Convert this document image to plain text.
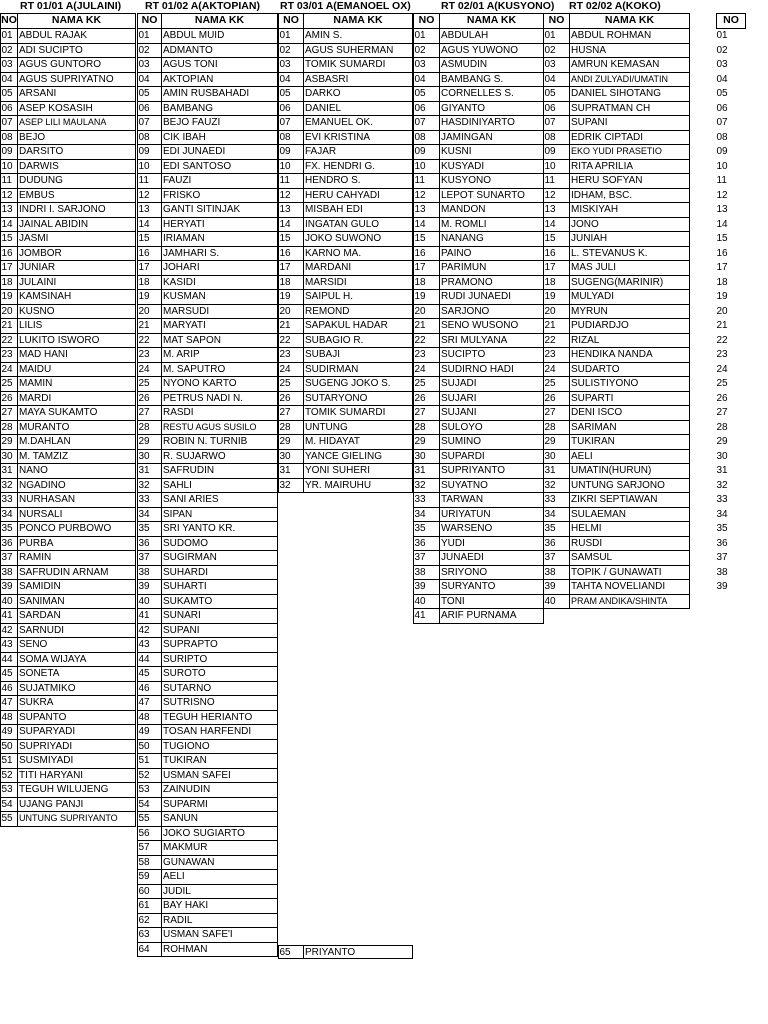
RT 01/01 A(JULAINI)
NO	NAMA KK
01 ABDUL RAJAK
02 ADI SUCIPTO
03 AGUS GUNTORO
04 AGUS SUPRIYATNO
05 ARSANI
06 ASEP KOSASIH
07 ASEP LILI MAULANA
08 BEJO
09 DARSITO
10 DARWIS
11 DUDUNG
12 EMBUS
13 INDRI I. SARJONO
14 JAINAL ABIDIN
15 JASMI
16 JOMBOR
17 JUNIAR
18 JULAINI
19 KAMSINAH
20 KUSNO
21 LILIS
22 LUKITO ISWORO
23 MAD HANI
24 MAIDU
25 MAMIN
26 MARDI
27 MAYA SUKAMTO
28 MURANTO
29 M.DAHLAN
30 M. TAMZIZ
31 NANO
32 NGADINO
33 NURHASAN
34 NURSALI
35 PONCO PURBOWO
36 PURBA
37 RAMIN
38 SAFRUDIN ARNAM
39 SAMIDIN
40 SANIMAN
41 SARDAN
42 SARNUDI
43 SENO
44 SOMA WIJAYA
45 SONETA
46 SUJATMIKO
47 SUKRA
48 SUPANTO
49 SUPARYADI
50 SUPRIYADI
51 SUSMIYADI
52 TITI HARYANI
53 TEGUH WILUJENG
54 UJANG PANJI
55 UNTUNG SUPRIYANTO
RT 01/02 A(AKTOPIAN)
NO	NAMA KK
01	ABDUL MUID
02	ADMANTO
03	AGUS TONI
04	AKTOPIAN
05	AMIN RUSBAHADI
06	BAMBANG
07	BEJO FAUZI
08	CIK IBAH
09	EDI JUNAEDI
10	EDI SANTOSO
11	FAUZI
12	FRISKO
13	GANTI SITINJAK
14	HERYATI
15	IRIAMAN
16	JAMHARI S.
17	JOHARI
18	KASIDI
19	KUSMAN
20	MARSUDI
21	MARYATI
22	MAT SAPON
23	M. ARIP
24	M. SAPUTRO
25	NYONO KARTO
26	PETRUS NADI N.
27	RASDI
28	RESTU AGUS SUSILO
29	ROBIN N. TURNIB
30	R. SUJARWO
31	SAFRUDIN
32	SAHLI
33	SANI ARIES
34	SIPAN
35	SRI YANTO KR.
36	SUDOMO
37	SUGIRMAN
38	SUHARDI
39	SUHARTI
40	SUKAMTO
41	SUNARI
42	SUPANI
43	SUPRAPTO
44	SURIPTO
45	SUROTO
46	SUTARNO
47	SUTRISNO
48	TEGUH HERIANTO
49	TOSAN HARFENDI
50	TUGIONO
51	TUKIRAN
52	USMAN SAFEI
53	ZAINUDIN
54	SUPARMI
55	SANUN
56	JOKO SUGIARTO
57	MAKMUR
58	GUNAWAN
59	AELI
60	JUDIL
61	BAY HAKI
62	RADIL
63	USMAN SAFE'I
64	ROHMAN
RT 03/01 A(EMANOEL OX)
NO	NAMA KK
01	AMIN S.
02	AGUS SUHERMAN
03	TOMIK SUMARDI
04	ASBASRI
05	DARKO
06	DANIEL
07	EMANUEL OK.
08	EVI KRISTINA
09	FAJAR
10	FX. HENDRI G.
11	HENDRO S.
12	HERU CAHYADI
13	MISBAH EDI
14	INGATAN GULO
15	JOKO SUWONO
16	KARNO MA.
17	MARDANI
18	MARSIDI
19	SAIPUL H.
20	REMOND
21	SAPAKUL HADAR
22	SUBAGIO R.
23	SUBAJI
24	SUDIRMAN
25	SUGENG JOKO S.
26	SUTARYONO
27	TOMIK SUMARDI
28	UNTUNG
29	M. HIDAYAT
30	YANCE GIELING
31	YONI SUHERI
32	YR. MAIRUHU
65	PRIYANTO
RT 02/01 A(KUSYONO)
NO	NAMA KK
01	ABDULAH
02	AGUS YUWONO
03	ASMUDIN
04	BAMBANG S.
05	CORNELLES S.
06	GIYANTO
07	HASDINIYARTO
08	JAMINGAN
09	KUSNI
10	KUSYADI
11	KUSYONO
12	LEPOT SUNARTO
13	MANDON
14	M. ROMLI
15	NANANG
16	PAINO
17	PARIMUN
18	PRAMONO
19	RUDI JUNAEDI
20	SARJONO
21	SENO WUSONO
22	SRI MULYANA
23	SUCIPTO
24	SUDIRNO HADI
25	SUJADI
26	SUJARI
27	SUJANI
28	SULOYO
29	SUMINO
30	SUPARDI
31	SUPRIYANTO
32	SUYATNO
33	TARWAN
34	URIYATUN
35	WARSENO
36	YUDI
37	JUNAEDI
38	SRIYONO
39	SURYANTO
40	TONI
41	ARIF PURNAMA
RT 02/02 A(KOKO)
NO	NAMA KK
01	ABDUL ROHMAN
02	HUSNA
03	AMRUN KEMASAN
04	ANDI ZULYADI/UMATIN
05	DANIEL SIHOTANG
06	SUPRATMAN CH
07	SUPANI
08	EDRIK CIPTADI
09	EKO YUDI PRASETIO
10	RITA APRILIA
11	HERU SOFYAN
12	IDHAM, BSC.
13	MISKIYAH
14	JONO
15	JUNIAH
16	L. STEVANUS K.
17	MAS JULI
18	SUGENG(MARINIR)
19	MULYADI
20	MYRUN
21	PUDIARDJO
22	RIZAL
23	HENDIKA NANDA
24	SUDARTO
25	SULISTIYONO
26	SUPARTI
27	DENI ISCO
28	SARIMAN
29	TUKIRAN
30	AELI
31	UMATIN(HURUN)
32	UNTUNG SARJONO
33	ZIKRI SEPTIAWAN
34	SULAEMAN
35	HELMI
36	RUSDI
37	SAMSUL
38	TOPIK / GUNAWATI
39	TAHTA NOVELIANDI
40	PRAM ANDIKA/SHINTA
NO
01
02
03
04
05
06
07
08
09
10
11
12
13
14
15
16
17
18
19
20
21
22
23
24
25
26
27
28
29
30
31
32
33
34
35
36
37
38
39
